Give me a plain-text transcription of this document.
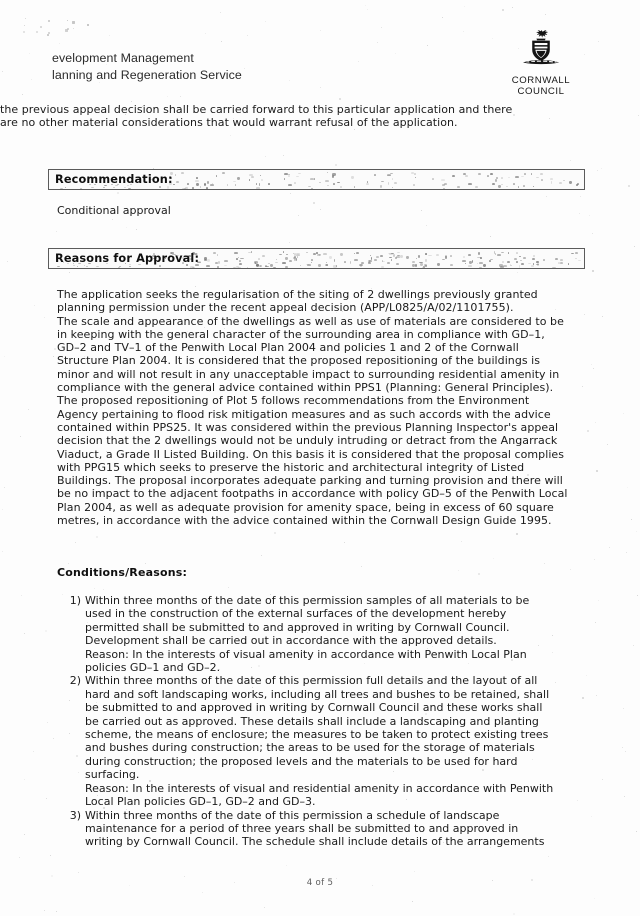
evelopment Management
lanning and Regeneration Service	CORNWALL
COUNCIL
the previous appeal decision shall be carried forward to this particular application and there
are no other material considerations that would warrant refusal of the application.
Recommendation:
Conditional approval
Reasons for Approval:
The application seeks the regularisation of the siting of 2 dwellings previously granted
planning permission under the recent appeal decision (APP/L0825/A/02/1101755).
The scale and appearance of the dwellings as well as use of materials are considered to be
in keeping with the general character of the surrounding area in compliance with GD–1,
GD–2 and TV–1 of the Penwith Local Plan 2004 and policies 1 and 2 of the Cornwall
Structure Plan 2004. It is considered that the proposed repositioning of the buildings is
minor and will not result in any unacceptable impact to surrounding residential amenity in
compliance with the general advice contained within PPS1 (Planning: General Principles).
The proposed repositioning of Plot 5 follows recommendations from the Environment
Agency pertaining to flood risk mitigation measures and as such accords with the advice
contained within PPS25. It was considered within the previous Planning Inspector's appeal
decision that the 2 dwellings would not be unduly intruding or detract from the Angarrack
Viaduct, a Grade II Listed Building. On this basis it is considered that the proposal complies
with PPG15 which seeks to preserve the historic and architectural integrity of Listed
Buildings. The proposal incorporates adequate parking and turning provision and there will
be no impact to the adjacent footpaths in accordance with policy GD–5 of the Penwith Local
Plan 2004, as well as adequate provision for amenity space, being in excess of 60 square
metres, in accordance with the advice contained within the Cornwall Design Guide 1995.
Conditions/Reasons:
1) Within three months of the date of this permission samples of all materials to be
used in the construction of the external surfaces of the development hereby
permitted shall be submitted to and approved in writing by Cornwall Council.
Development shall be carried out in accordance with the approved details.
Reason: In the interests of visual amenity in accordance with Penwith Local Plan
policies GD–1 and GD–2.
2) Within three months of the date of this permission full details and the layout of all
hard and soft landscaping works, including all trees and bushes to be retained, shall
be submitted to and approved in writing by Cornwall Council and these works shall
be carried out as approved. These details shall include a landscaping and planting
scheme, the means of enclosure; the measures to be taken to protect existing trees
and bushes during construction; the areas to be used for the storage of materials
during construction; the proposed levels and the materials to be used for hard
surfacing.
Reason: In the interests of visual and residential amenity in accordance with Penwith
Local Plan policies GD–1, GD–2 and GD–3.
3) Within three months of the date of this permission a schedule of landscape
maintenance for a period of three years shall be submitted to and approved in
writing by Cornwall Council. The schedule shall include details of the arrangements
4 of 5
